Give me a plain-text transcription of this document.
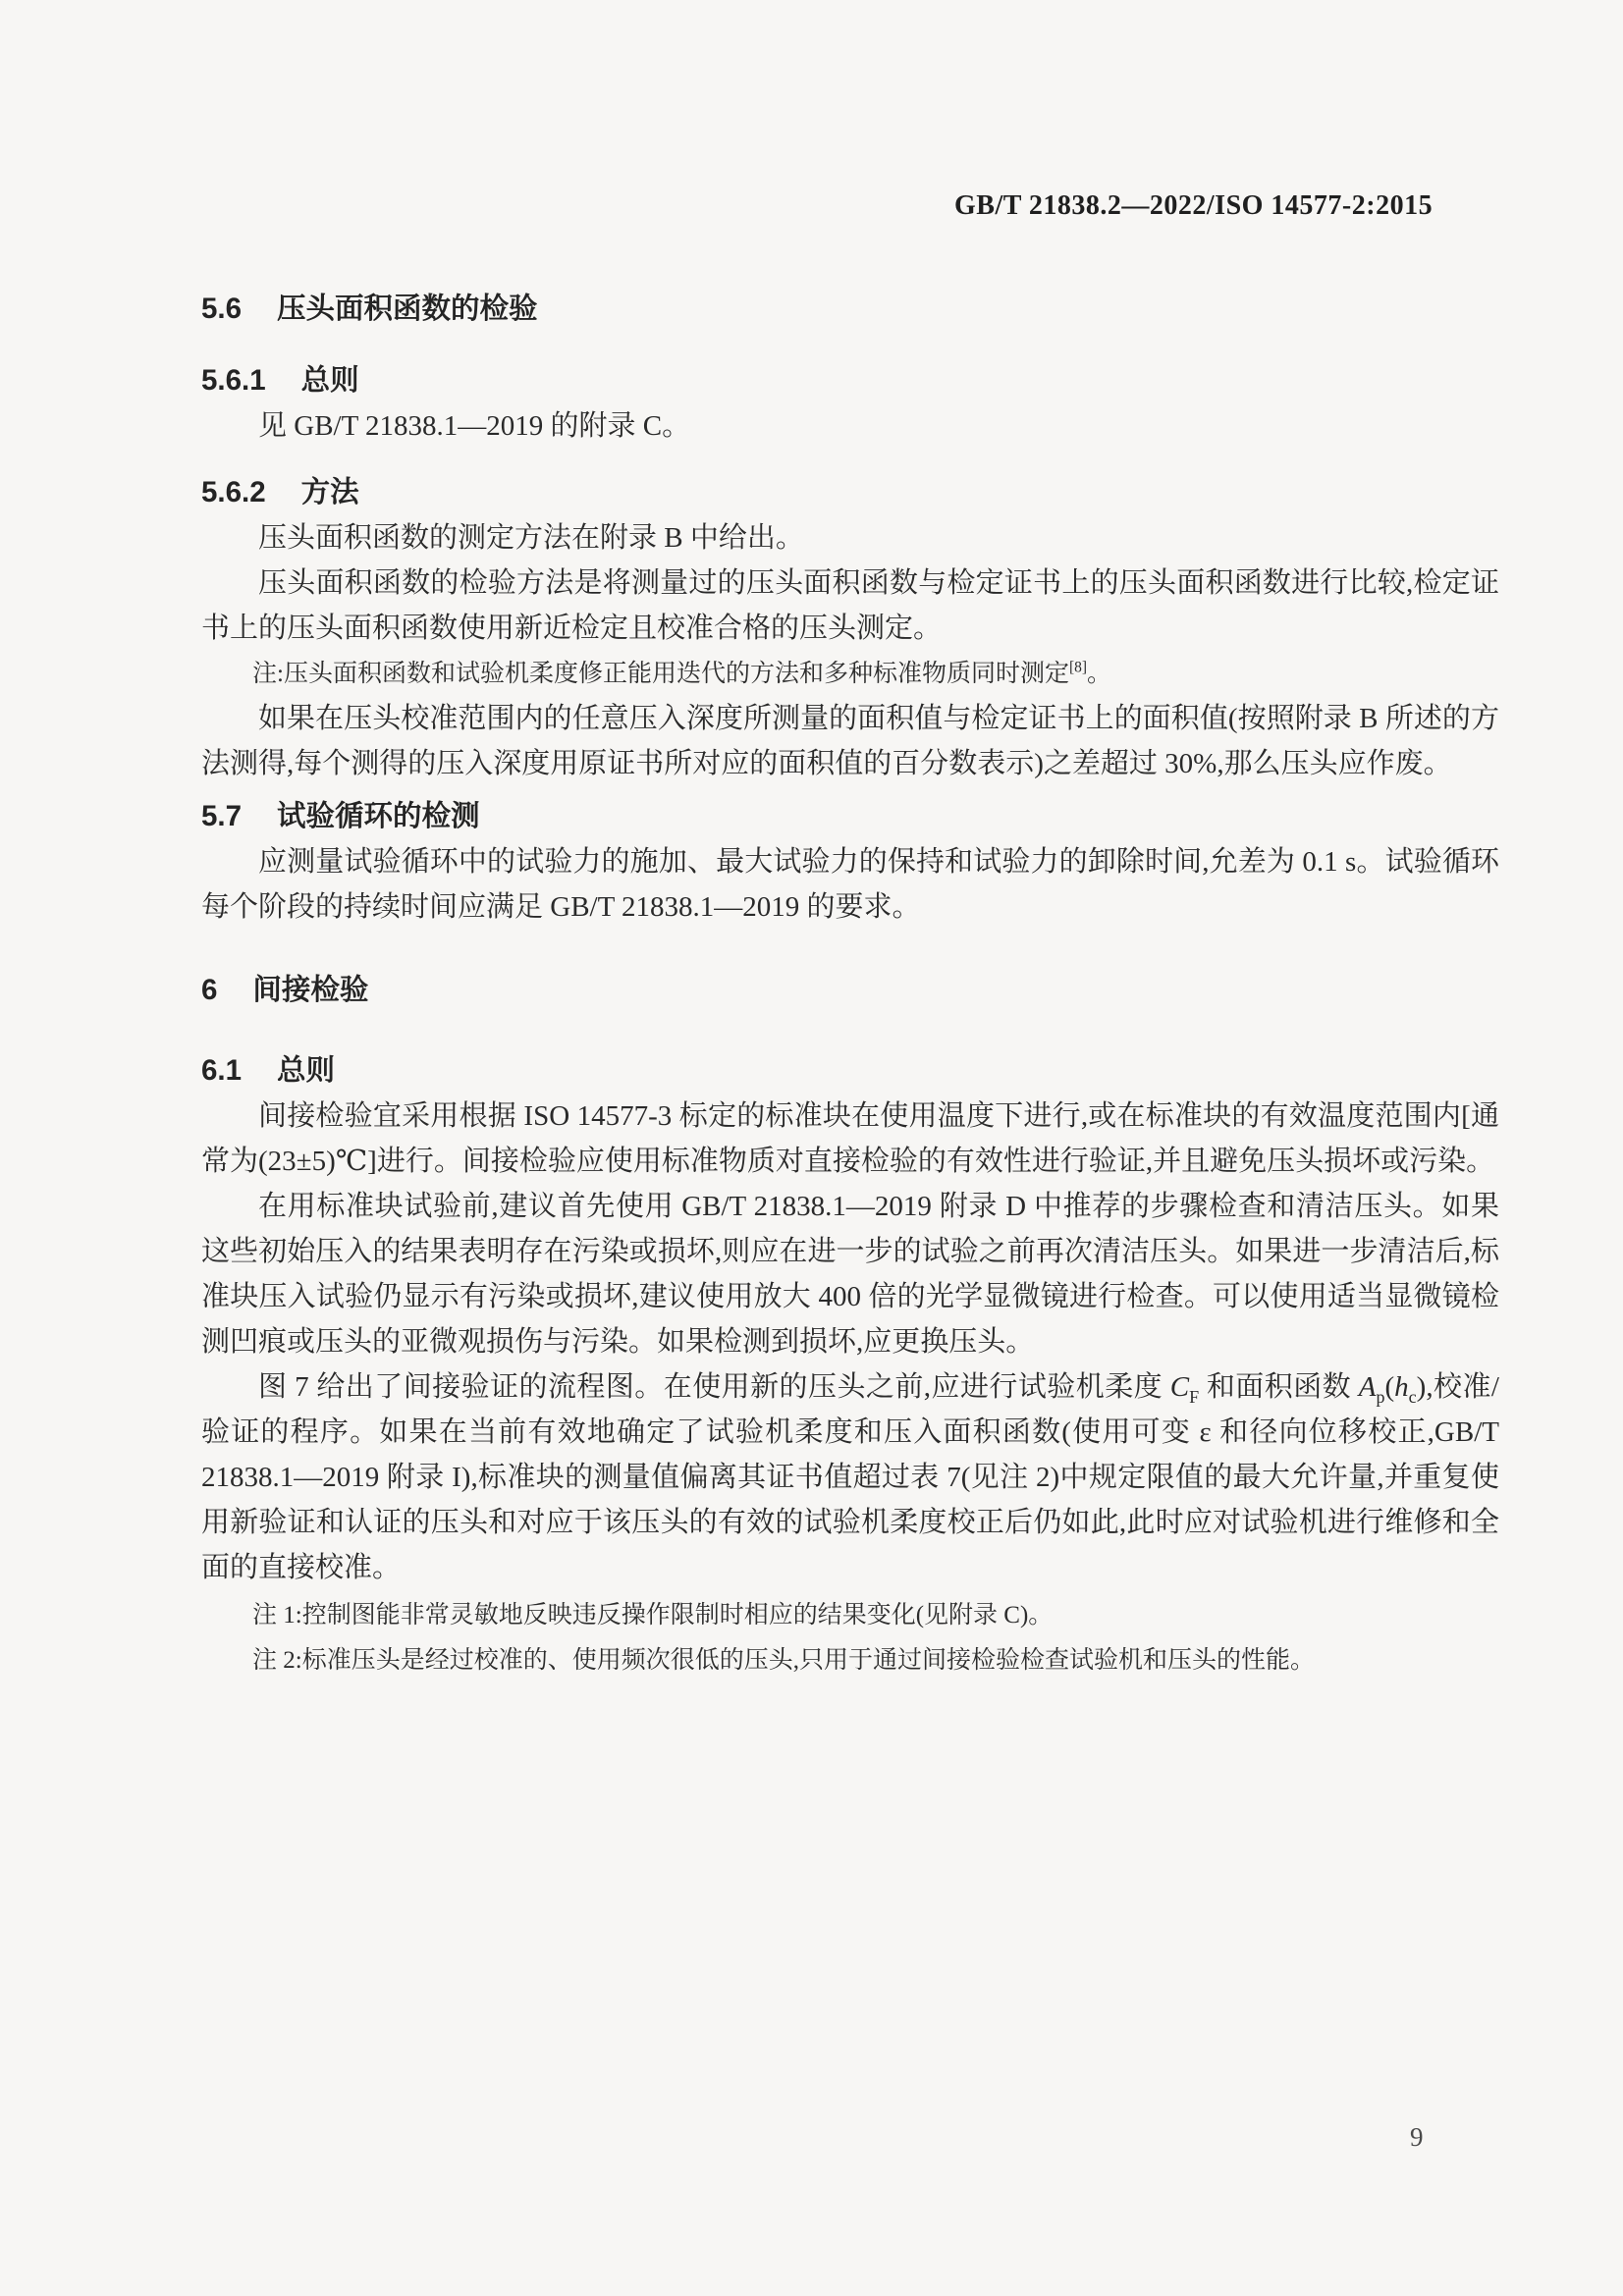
GB/T 21838.2—2022/ISO 14577-2:2015
5.6 压头面积函数的检验
5.6.1 总则

见 GB/T 21838.1—2019 的附录 C。

5.6.2 方法

压头面积函数的测定方法在附录 B 中给出。

压头面积函数的检验方法是将测量过的压头面积函数与检定证书上的压头面积函数进行比较,检定证书上的压头面积函数使用新近检定且校准合格的压头测定。

注:压头面积函数和试验机柔度修正能用迭代的方法和多种标准物质同时测定[8]。

如果在压头校准范围内的任意压入深度所测量的面积值与检定证书上的面积值(按照附录 B 所述的方法测得,每个测得的压入深度用原证书所对应的面积值的百分数表示)之差超过 30%,那么压头应作废。

5.7 试验循环的检测

应测量试验循环中的试验力的施加、最大试验力的保持和试验力的卸除时间,允差为 0.1 s。试验循环每个阶段的持续时间应满足 GB/T 21838.1—2019 的要求。

6 间接检验
6.1 总则

间接检验宜采用根据 ISO 14577-3 标定的标准块在使用温度下进行,或在标准块的有效温度范围内[通常为(23±5)℃]进行。间接检验应使用标准物质对直接检验的有效性进行验证,并且避免压头损坏或污染。

在用标准块试验前,建议首先使用 GB/T 21838.1—2019 附录 D 中推荐的步骤检查和清洁压头。如果这些初始压入的结果表明存在污染或损坏,则应在进一步的试验之前再次清洁压头。如果进一步清洁后,标准块压入试验仍显示有污染或损坏,建议使用放大 400 倍的光学显微镜进行检查。可以使用适当显微镜检测凹痕或压头的亚微观损伤与污染。如果检测到损坏,应更换压头。

图 7 给出了间接验证的流程图。在使用新的压头之前,应进行试验机柔度 $C_F$ 和面积函数 $A_p(h_c)$,校准/验证的程序。如果在当前有效地确定了试验机柔度和压入面积函数(使用可变 ε 和径向位移校正,GB/T 21838.1—2019 附录 I),标准块的测量值偏离其证书值超过表 7(见注 2)中规定限值的最大允许量,并重复使用新验证和认证的压头和对应于该压头的有效的试验机柔度校正后仍如此,此时应对试验机进行维修和全面的直接校准。

注 1:控制图能非常灵敏地反映违反操作限制时相应的结果变化(见附录 C)。

注 2:标准压头是经过校准的、使用频次很低的压头,只用于通过间接检验检查试验机和压头的性能。

9
